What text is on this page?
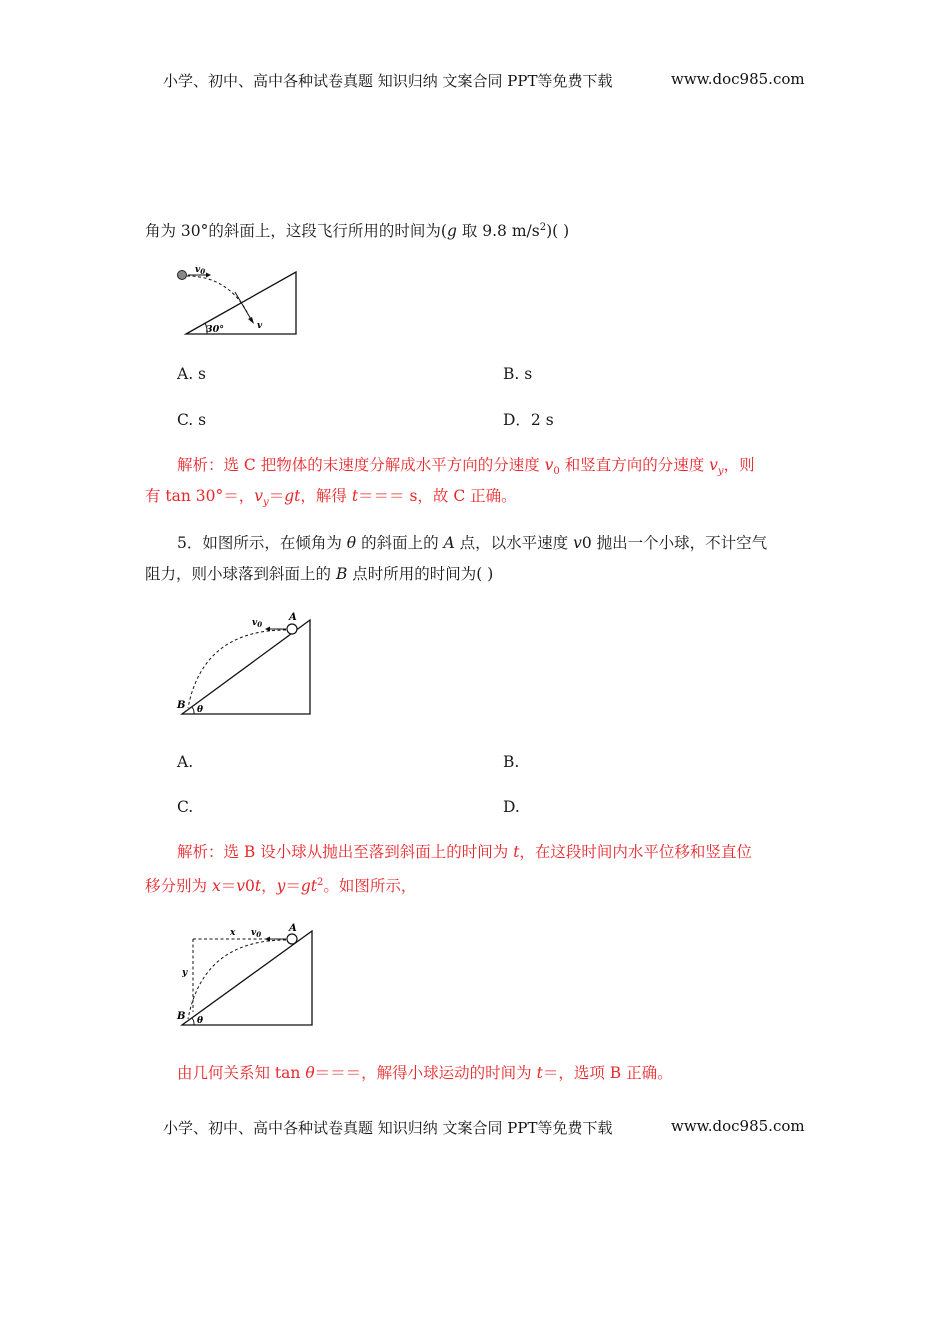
小学、初中、高中各种试卷真题 知识归纳 文案合同 PPT等免费下载	www.doc985.com
角为 30°的斜面上，这段飞行所用的时间为(g 取 9.8 $m/s^2$)( )
$v_0$
v
30°
A. s	B. s
C. s	D．2 s
解析：选 C 把物体的末速度分解成水平方向的分速度 $v_0$ 和竖直方向的分速度 $v_y$，则
有 tan 30°＝，$v_y=gt$，解得 t＝＝＝ s，故 C 正确。
5．如图所示，在倾角为 θ 的斜面上的 A 点，以水平速度 v0 抛出一个小球，不计空气
阻力，则小球落到斜面上的 B 点时所用的时间为( )
A
B θ
$v_0$
A.	B.
C.	D.
解析：选 B 设小球从抛出至落到斜面上的时间为 t，在这段时间内水平位移和竖直位
移分别为 x＝v0t，$y=gt^2$。如图所示，
A
B θ
$v_0$
x
y
由几何关系知 tan θ＝＝＝，解得小球运动的时间为 t＝，选项 B 正确。
小学、初中、高中各种试卷真题 知识归纳 文案合同 PPT等免费下载	www.doc985.com
